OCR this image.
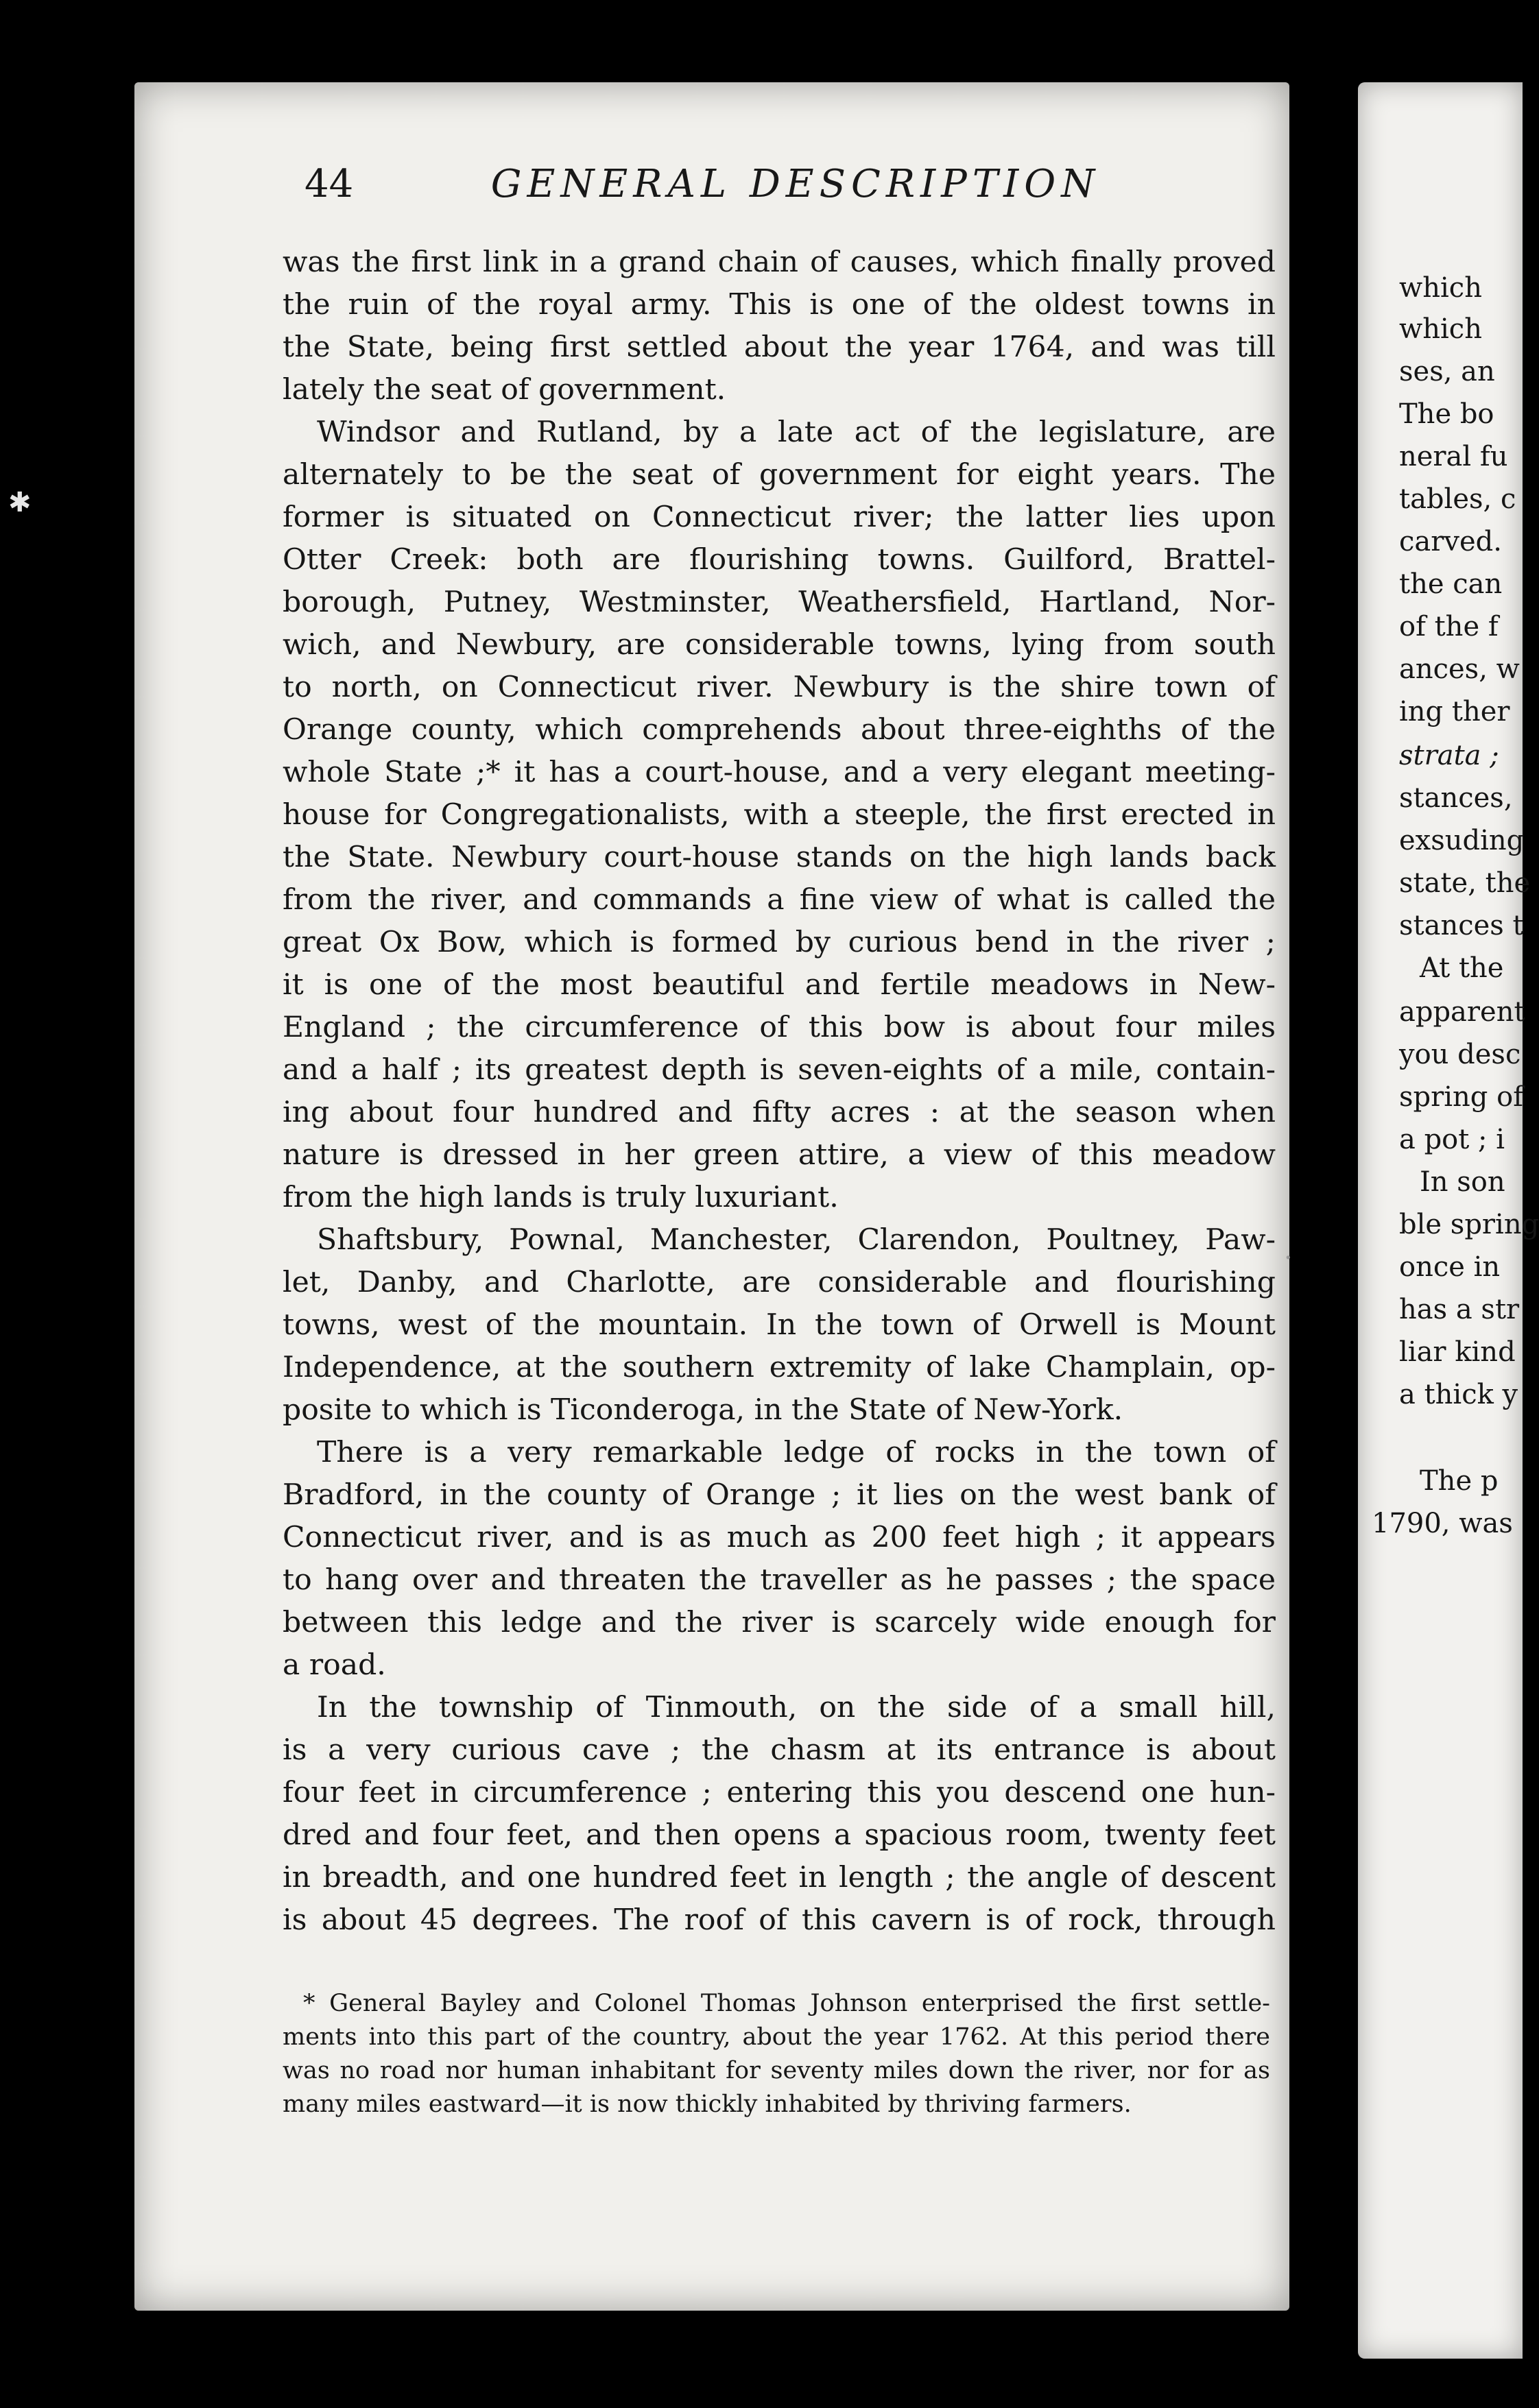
which
which
ses, an
The bo
neral fu
tables, c
carved.
the can
of the f
ances, w
ing ther
strata ;
stances,
exsuding
state, the
stances t
At the
apparent
you desc
spring of
a pot ; i
In son
ble spring
once in
has a str
liar kind
a thick y
The p
1790, was
44	GENERAL DESCRIPTION
was the first link in a grand chain of causes, which finally proved
the ruin of the royal army. This is one of the oldest towns in
the State, being first settled about the year 1764, and was till
lately the seat of government.
Windsor and Rutland, by a late act of the legislature, are
alternately to be the seat of government for eight years. The
former is situated on Connecticut river; the latter lies upon
Otter Creek: both are flourishing towns. Guilford, Brattel-
borough, Putney, Westminster, Weathersfield, Hartland, Nor-
wich, and Newbury, are considerable towns, lying from south
to north, on Connecticut river. Newbury is the shire town of
Orange county, which comprehends about three-eighths of the
whole State ;* it has a court-house, and a very elegant meeting-
house for Congregationalists, with a steeple, the first erected in
the State. Newbury court-house stands on the high lands back
from the river, and commands a fine view of what is called the
great Ox Bow, which is formed by curious bend in the river ;
it is one of the most beautiful and fertile meadows in New-
England ; the circumference of this bow is about four miles
and a half ; its greatest depth is seven-eights of a mile, contain-
ing about four hundred and fifty acres : at the season when
nature is dressed in her green attire, a view of this meadow
from the high lands is truly luxuriant.
Shaftsbury, Pownal, Manchester, Clarendon, Poultney, Paw-
let, Danby, and Charlotte, are considerable and flourishing
towns, west of the mountain. In the town of Orwell is Mount
Independence, at the southern extremity of lake Champlain, op-
posite to which is Ticonderoga, in the State of New-York.
There is a very remarkable ledge of rocks in the town of
Bradford, in the county of Orange ; it lies on the west bank of
Connecticut river, and is as much as 200 feet high ; it appears
to hang over and threaten the traveller as he passes ; the space
between this ledge and the river is scarcely wide enough for
a road.
In the township of Tinmouth, on the side of a small hill,
is a very curious cave ; the chasm at its entrance is about
four feet in circumference ; entering this you descend one hun-
dred and four feet, and then opens a spacious room, twenty feet
in breadth, and one hundred feet in length ; the angle of descent
is about 45 degrees. The roof of this cavern is of rock, through
* General Bayley and Colonel Thomas Johnson enterprised the first settle-
ments into this part of the country, about the year 1762. At this period there
was no road nor human inhabitant for seventy miles down the river, nor for as
many miles eastward—it is now thickly inhabited by thriving farmers.
✱
·
